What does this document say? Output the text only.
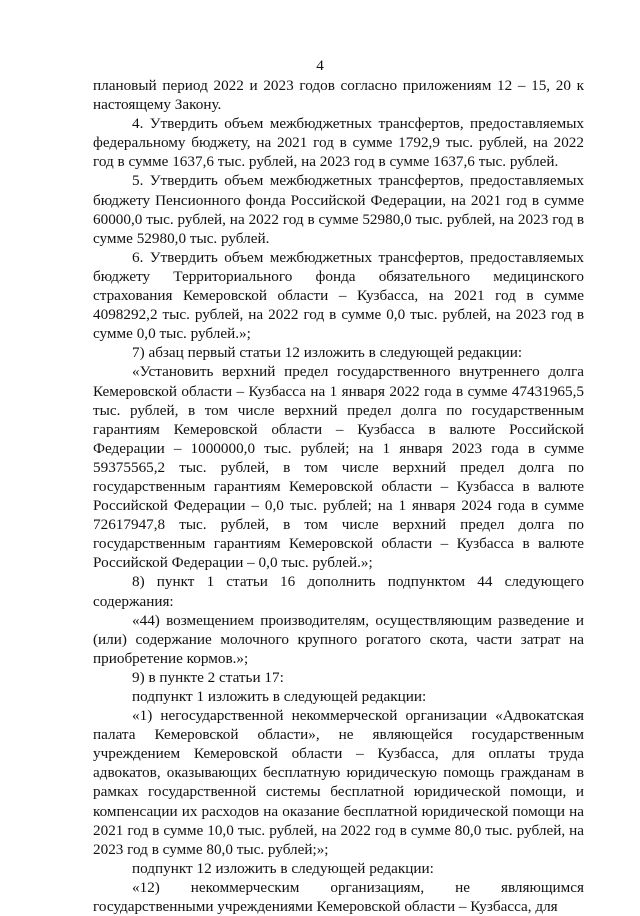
4

плановый период 2022 и 2023 годов согласно приложениям 12 – 15, 20 к настоящему Закону.

4. Утвердить объем межбюджетных трансфертов, предоставляемых федеральному бюджету, на 2021 год в сумме 1792,9 тыс. рублей, на 2022 год в сумме 1637,6 тыс. рублей, на 2023 год в сумме 1637,6 тыс. рублей.

5. Утвердить объем межбюджетных трансфертов, предоставляемых бюджету Пенсионного фонда Российской Федерации, на 2021 год в сумме 60000,0 тыс. рублей, на 2022 год в сумме 52980,0 тыс. рублей, на 2023 год в сумме 52980,0 тыс. рублей.

6. Утвердить объем межбюджетных трансфертов, предоставляемых бюджету Территориального фонда обязательного медицинского страхования Кемеровской области – Кузбасса, на 2021 год в сумме 4098292,2 тыс. рублей, на 2022 год в сумме 0,0 тыс. рублей, на 2023 год в сумме 0,0 тыс. рублей.»;

7) абзац первый статьи 12 изложить в следующей редакции:

«Установить верхний предел государственного внутреннего долга Кемеровской области – Кузбасса на 1 января 2022 года в сумме 47431965,5 тыс. рублей, в том числе верхний предел долга по государственным гарантиям Кемеровской области – Кузбасса в валюте Российской Федерации – 1000000,0 тыс. рублей; на 1 января 2023 года в сумме 59375565,2 тыс. рублей, в том числе верхний предел долга по государственным гарантиям Кемеровской области – Кузбасса в валюте Российской Федерации – 0,0 тыс. рублей; на 1 января 2024 года в сумме 72617947,8 тыс. рублей, в том числе верхний предел долга по государственным гарантиям Кемеровской области – Кузбасса в валюте Российской Федерации – 0,0 тыс. рублей.»;

8) пункт 1 статьи 16 дополнить подпунктом 44 следующего содержания:

«44) возмещением производителям, осуществляющим разведение и (или) содержание молочного крупного рогатого скота, части затрат на приобретение кормов.»;

9) в пункте 2 статьи 17:

подпункт 1 изложить в следующей редакции:

«1) негосударственной некоммерческой организации «Адвокатская палата Кемеровской области», не являющейся государственным учреждением Кемеровской области – Кузбасса, для оплаты труда адвокатов, оказывающих бесплатную юридическую помощь гражданам в рамках государственной системы бесплатной юридической помощи, и компенсации их расходов на оказание бесплатной юридической помощи на 2021 год в сумме 10,0 тыс. рублей, на 2022 год в сумме 80,0 тыс. рублей, на 2023 год в сумме 80,0 тыс. рублей;»;

подпункт 12 изложить в следующей редакции:

«12) некоммерческим организациям, не являющимся государственными учреждениями Кемеровской области – Кузбасса, для
